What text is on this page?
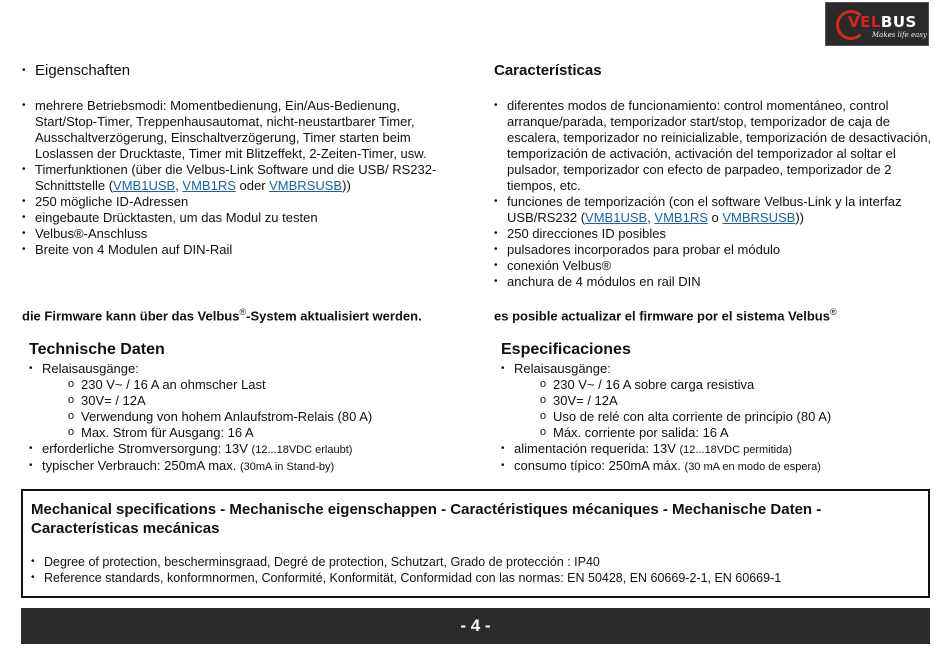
VELBUS
Makes life easy
• Eigenschaften
• mehrere Betriebsmodi: Momentbedienung, Ein/Aus-Bedienung, Start/Stop-Timer, Treppenhausautomat, nicht-neustartbarer Timer, Ausschaltverzögerung, Einschaltverzögerung, Timer starten beim Loslassen der Drucktaste, Timer mit Blitzeffekt, 2-Zeiten-Timer, usw.
• Timerfunktionen (über die Velbus-Link Software und die USB/ RS232-Schnittstelle (VMB1USB, VMB1RS oder VMBRSUSB))
• 250 mögliche ID-Adressen
• eingebaute Drücktasten, um das Modul zu testen
• Velbus®-Anschluss
• Breite von 4 Modulen auf DIN-Rail
Características
• diferentes modos de funcionamiento: control momentáneo, control arranque/parada, temporizador start/stop, temporizador de caja de escalera, temporizador no reinicializable, temporización de desactivación, temporización de activación, activación del temporizador al soltar el pulsador, temporizador con efecto de parpadeo, temporizador de 2 tiempos, etc.
• funciones de temporización (con el software Velbus-Link y la interfaz USB/RS232 (VMB1USB, VMB1RS o VMBRSUSB))
• 250 direcciones ID posibles
• pulsadores incorporados para probar el módulo
• conexión Velbus®
• anchura de 4 módulos en rail DIN
die Firmware kann über das Velbus®-System aktualisiert werden.	es posible actualizar el firmware por el sistema Velbus®
Technische Daten
• Relaisausgänge:
o 230 V~ / 16 A an ohmscher Last
o 30V= / 12A
o Verwendung von hohem Anlaufstrom-Relais (80 A)
o Max. Strom für Ausgang: 16 A
• erforderliche Stromversorgung: 13V (12...18VDC erlaubt)
• typischer Verbrauch: 250mA max. (30mA in Stand-by)
Especificaciones
• Relaisausgänge:
o 230 V~ / 16 A sobre carga resistiva
o 30V= / 12A
o Uso de relé con alta corriente de principio (80 A)
o Máx. corriente por salida: 16 A
• alimentación requerida: 13V (12...18VDC permitida)
• consumo típico: 250mA máx. (30 mA en modo de espera)
Mechanical specifications - Mechanische eigenschappen - Caractéristiques mécaniques - Mechanische Daten - Características mecánicas
• Degree of protection, bescherminsgraad, Degré de protection, Schutzart, Grado de protección : IP40
• Reference standards, konformnormen, Conformité, Konformität, Conformidad con las normas: EN 50428, EN 60669-2-1, EN 60669-1
- 4 -
